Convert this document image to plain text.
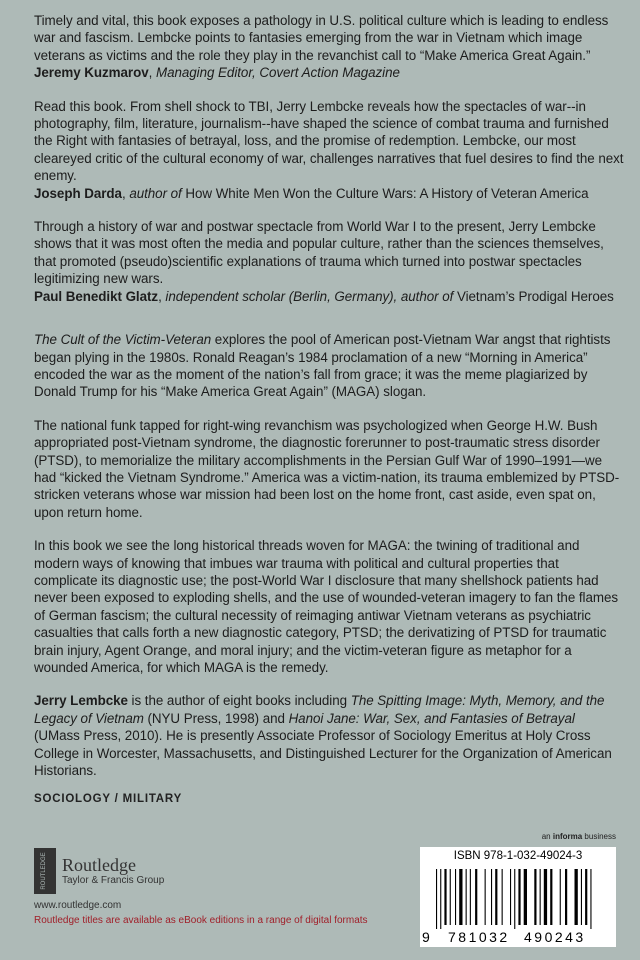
Timely and vital, this book exposes a pathology in U.S. political culture which is leading to endless war and fascism. Lembcke points to fantasies emerging from the war in Vietnam which image veterans as victims and the role they play in the revanchist call to “Make America Great Again.”
Jeremy Kuzmarov, Managing Editor, Covert Action Magazine

Read this book. From shell shock to TBI, Jerry Lembcke reveals how the spectacles of war--in photography, film, literature, journalism--have shaped the science of combat trauma and furnished the Right with fantasies of betrayal, loss, and the promise of redemption. Lembcke, our most cleareyed critic of the cultural economy of war, challenges narratives that fuel desires to find the next enemy.
Joseph Darda, author of How White Men Won the Culture Wars: A History of Veteran America

Through a history of war and postwar spectacle from World War I to the present, Jerry Lembcke shows that it was most often the media and popular culture, rather than the sciences themselves, that promoted (pseudo)scientific explanations of trauma which turned into postwar spectacles legitimizing new wars.
Paul Benedikt Glatz, independent scholar (Berlin, Germany), author of Vietnam’s Prodigal Heroes

The Cult of the Victim-Veteran explores the pool of American post-Vietnam War angst that rightists began plying in the 1980s. Ronald Reagan’s 1984 proclamation of a new “Morning in America” encoded the war as the moment of the nation’s fall from grace; it was the meme plagiarized by Donald Trump for his “Make America Great Again” (MAGA) slogan.

The national funk tapped for right-wing revanchism was psychologized when George H.W. Bush appropriated post-Vietnam syndrome, the diagnostic forerunner to post-traumatic stress disorder (PTSD), to memorialize the military accomplishments in the Persian Gulf War of 1990–1991—we had “kicked the Vietnam Syndrome.” America was a victim-nation, its trauma emblemized by PTSD-stricken veterans whose war mission had been lost on the home front, cast aside, even spat on, upon return home.

In this book we see the long historical threads woven for MAGA: the twining of traditional and modern ways of knowing that imbues war trauma with political and cultural properties that complicate its diagnostic use; the post-World War I disclosure that many shellshock patients had never been exposed to exploding shells, and the use of wounded-veteran imagery to fan the flames of German fascism; the cultural necessity of reimaging antiwar Vietnam veterans as psychiatric casualties that calls forth a new diagnostic category, PTSD; the derivatizing of PTSD for traumatic brain injury, Agent Orange, and moral injury; and the victim-veteran figure as metaphor for a wounded America, for which MAGA is the remedy.

Jerry Lembcke is the author of eight books including The Spitting Image: Myth, Memory, and the Legacy of Vietnam (NYU Press, 1998) and Hanoi Jane: War, Sex, and Fantasies of Betrayal (UMass Press, 2010). He is presently Associate Professor of Sociology Emeritus at Holy Cross College in Worcester, Massachusetts, and Distinguished Lecturer for the Organization of American Historians.

SOCIOLOGY / MILITARY
an informa business
ROUTLEDGE Routledge
Taylor & Francis Group
www.routledge.com
Routledge titles are available as eBook editions in a range of digital formats
ISBN 978-1-032-49024-3
9 781032 490243
